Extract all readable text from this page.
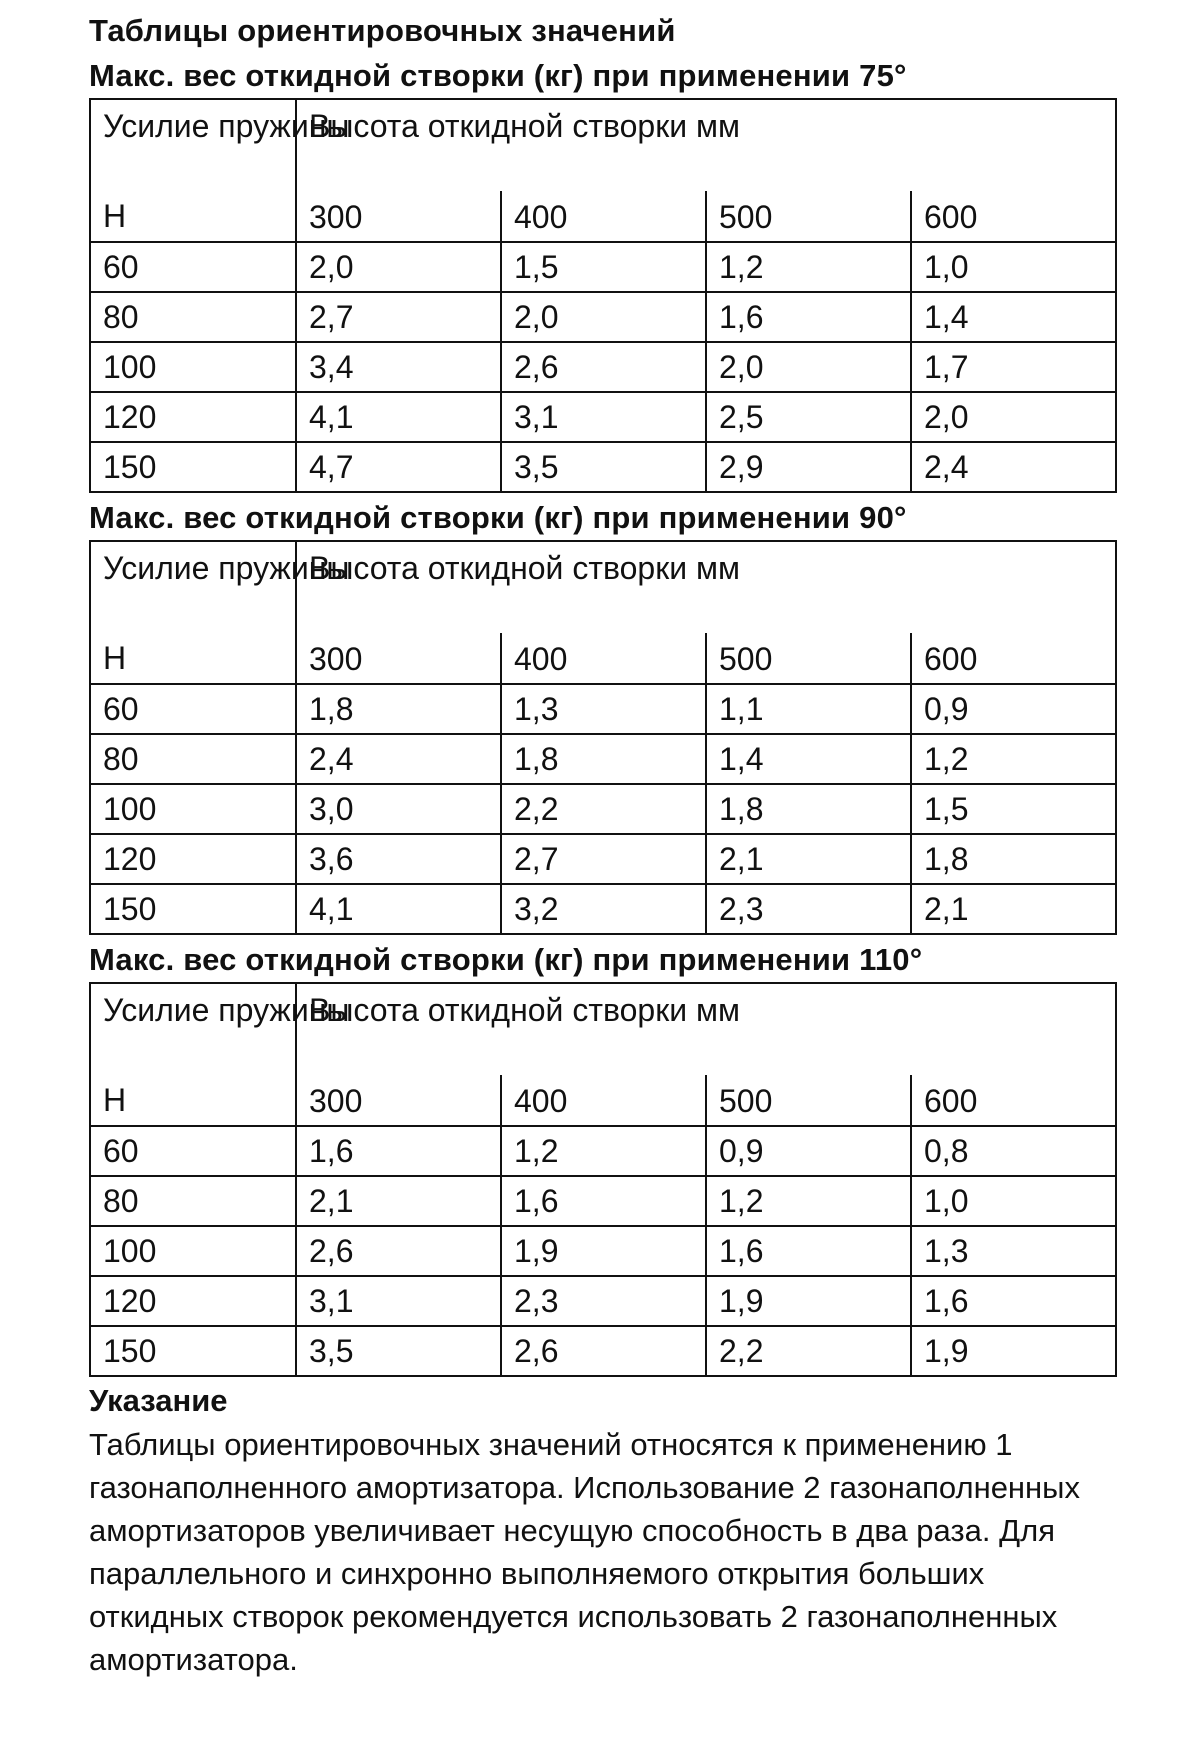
Таблицы ориентировочных значений
Макс. вес откидной створки (кг) при применении 75°
Усилие пружины	Высота откидной створки мм			
Н	300	400	500	600
60	2,0	1,5	1,2	1,0
80	2,7	2,0	1,6	1,4
100	3,4	2,6	2,0	1,7
120	4,1	3,1	2,5	2,0
150	4,7	3,5	2,9	2,4
Макс. вес откидной створки (кг) при применении 90°
Усилие пружины	Высота откидной створки мм			
Н	300	400	500	600
60	1,8	1,3	1,1	0,9
80	2,4	1,8	1,4	1,2
100	3,0	2,2	1,8	1,5
120	3,6	2,7	2,1	1,8
150	4,1	3,2	2,3	2,1
Макс. вес откидной створки (кг) при применении 110°
Усилие пружины	Высота откидной створки мм			
Н	300	400	500	600
60	1,6	1,2	0,9	0,8
80	2,1	1,6	1,2	1,0
100	2,6	1,9	1,6	1,3
120	3,1	2,3	1,9	1,6
150	3,5	2,6	2,2	1,9
Указание

Таблицы ориентировочных значений относятся к применению 1 газонаполненного амортизатора. Использование 2 газонаполненных амортизаторов увеличивает несущую способность в два раза. Для параллельного и синхронно выполняемого открытия больших откидных створок рекомендуется использовать 2 газонаполненных амортизатора.
